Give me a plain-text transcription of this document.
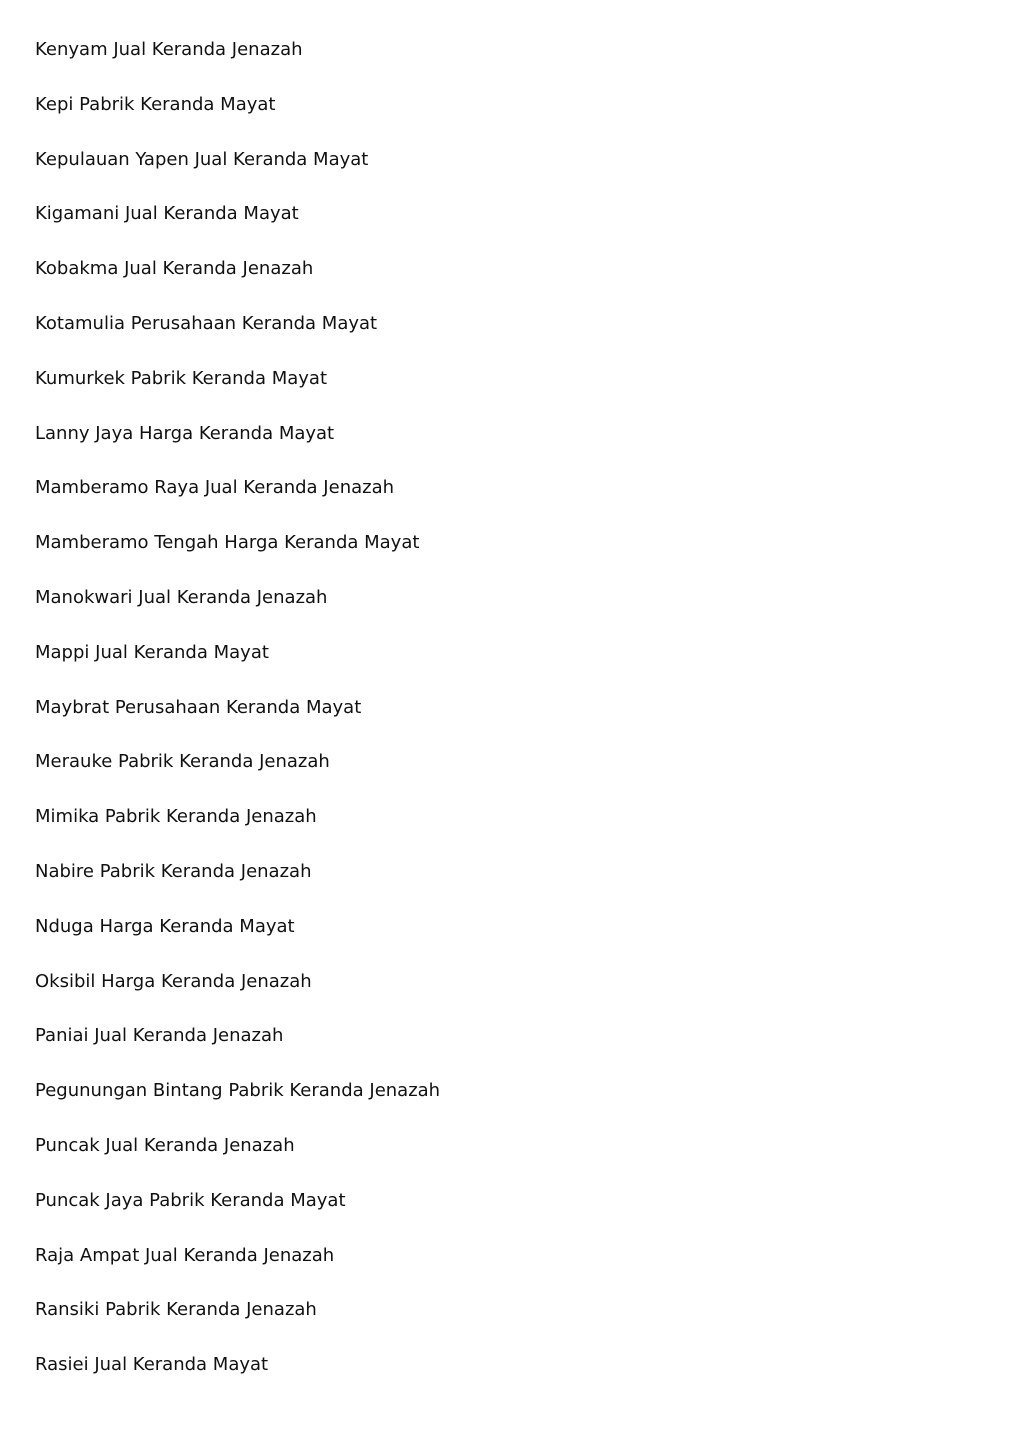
Kenyam Jual Keranda Jenazah
Kepi Pabrik Keranda Mayat
Kepulauan Yapen Jual Keranda Mayat
Kigamani Jual Keranda Mayat
Kobakma Jual Keranda Jenazah
Kotamulia Perusahaan Keranda Mayat
Kumurkek Pabrik Keranda Mayat
Lanny Jaya Harga Keranda Mayat
Mamberamo Raya Jual Keranda Jenazah
Mamberamo Tengah Harga Keranda Mayat
Manokwari Jual Keranda Jenazah
Mappi Jual Keranda Mayat
Maybrat Perusahaan Keranda Mayat
Merauke Pabrik Keranda Jenazah
Mimika Pabrik Keranda Jenazah
Nabire Pabrik Keranda Jenazah
Nduga Harga Keranda Mayat
Oksibil Harga Keranda Jenazah
Paniai Jual Keranda Jenazah
Pegunungan Bintang Pabrik Keranda Jenazah
Puncak Jual Keranda Jenazah
Puncak Jaya Pabrik Keranda Mayat
Raja Ampat Jual Keranda Jenazah
Ransiki Pabrik Keranda Jenazah
Rasiei Jual Keranda Mayat
